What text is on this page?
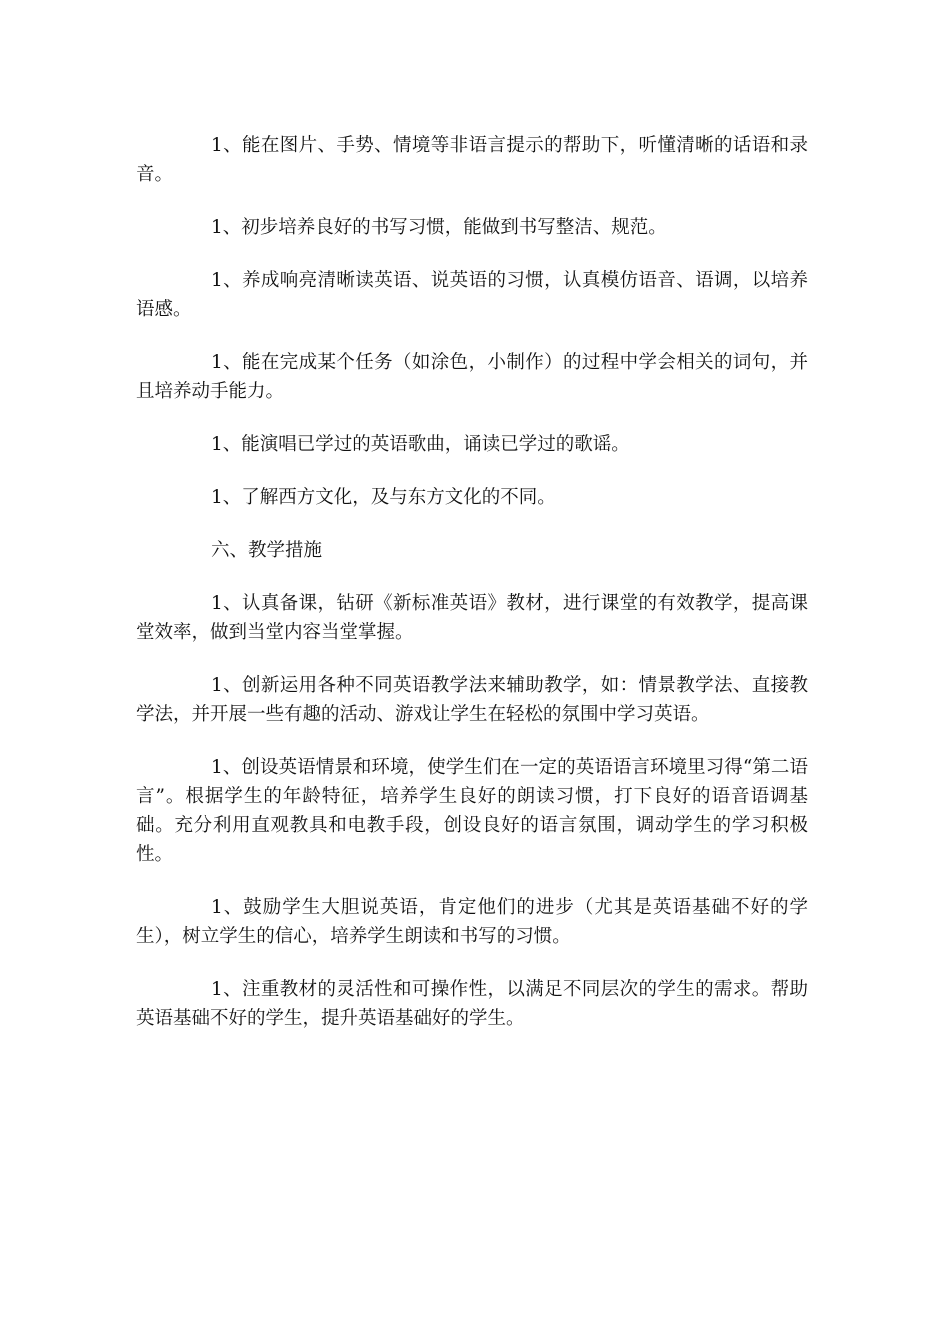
1、能在图片、手势、情境等非语言提示的帮助下，听懂清晰的话语和录音。

1、初步培养良好的书写习惯，能做到书写整洁、规范。

1、养成响亮清晰读英语、说英语的习惯，认真模仿语音、语调，以培养语感。

1、能在完成某个任务（如涂色，小制作）的过程中学会相关的词句，并且培养动手能力。

1、能演唱已学过的英语歌曲，诵读已学过的歌谣。

1、了解西方文化，及与东方文化的不同。

六、教学措施

1、认真备课，钻研《新标准英语》教材，进行课堂的有效教学，提高课堂效率，做到当堂内容当堂掌握。

1、创新运用各种不同英语教学法来辅助教学，如：情景教学法、直接教学法，并开展一些有趣的活动、游戏让学生在轻松的氛围中学习英语。

1、创设英语情景和环境，使学生们在一定的英语语言环境里习得“第二语言”。根据学生的年龄特征，培养学生良好的朗读习惯，打下良好的语音语调基础。充分利用直观教具和电教手段，创设良好的语言氛围，调动学生的学习积极性。

1、鼓励学生大胆说英语，肯定他们的进步（尤其是英语基础不好的学生），树立学生的信心，培养学生朗读和书写的习惯。

1、注重教材的灵活性和可操作性，以满足不同层次的学生的需求。帮助英语基础不好的学生，提升英语基础好的学生。
